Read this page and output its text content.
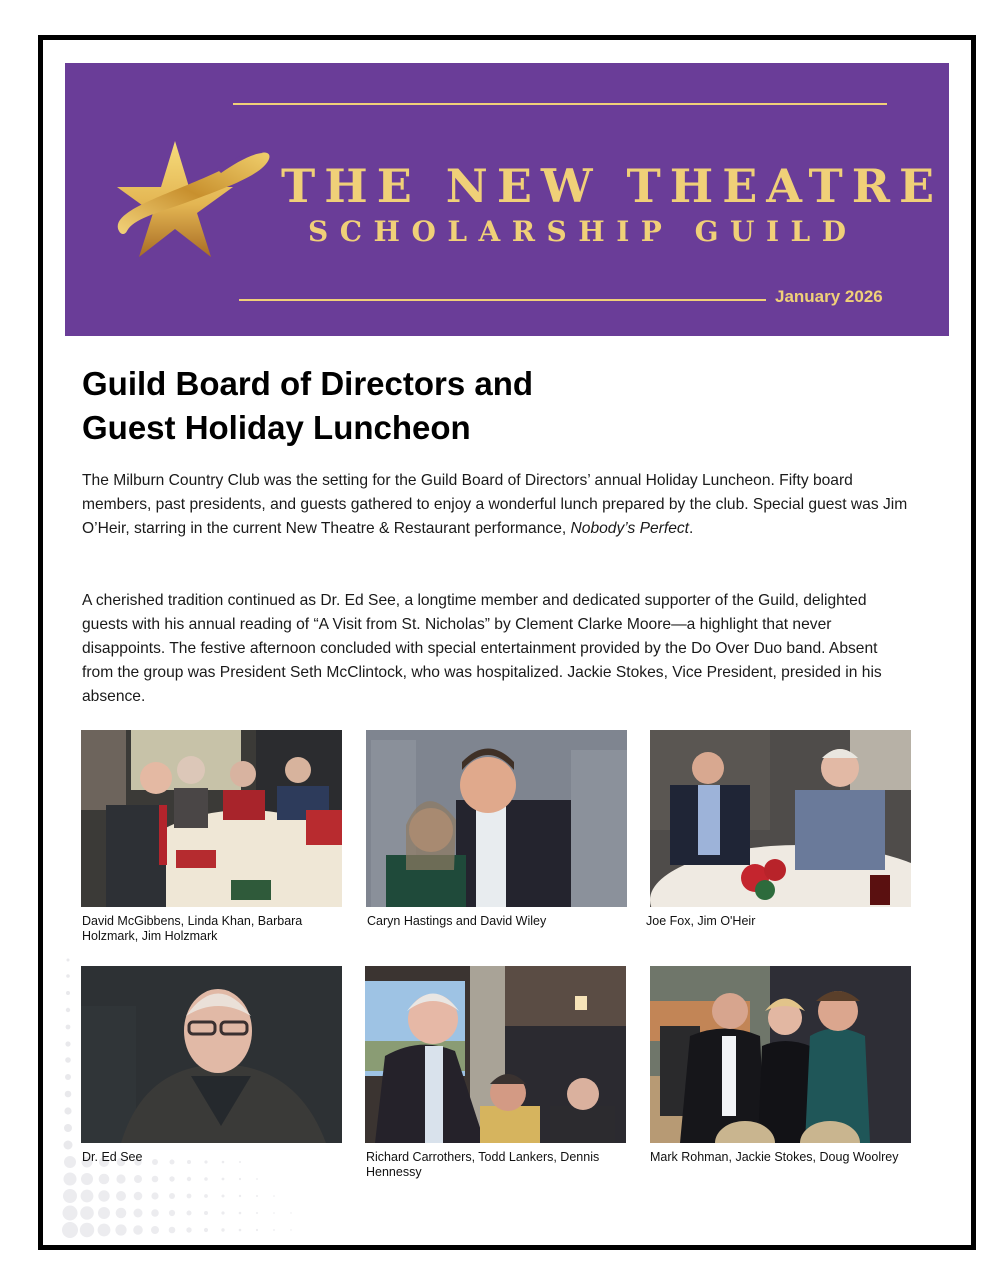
THE NEW THEATRE
SCHOLARSHIP GUILD
January 2026
Guild Board of Directors and
Guest Holiday Luncheon

The Milburn Country Club was the setting for the Guild Board of Directors’ annual Holiday Luncheon. Fifty board members, past presidents, and guests gathered to enjoy a wonderful lunch prepared by the club. Special guest was Jim O’Heir, starring in the current New Theatre & Restaurant performance, Nobody’s Perfect.

A cherished tradition continued as Dr. Ed See, a longtime member and dedicated supporter of the Guild, delighted guests with his annual reading of “A Visit from St. Nicholas” by Clement Clarke Moore—a highlight that never disappoints. The festive afternoon concluded with special entertainment provided by the Do Over Duo band. Absent from the group was President Seth McClintock, who was hospitalized. Jackie Stokes, Vice President, presided in his absence.

David McGibbens, Linda Khan, Barbara Holzmark, Jim Holzmark
Caryn Hastings and David Wiley	Joe Fox, Jim O'Heir
Dr. Ed See	Richard Carrothers, Todd Lankers, Dennis Hennessy
Mark Rohman, Jackie Stokes, Doug Woolrey
